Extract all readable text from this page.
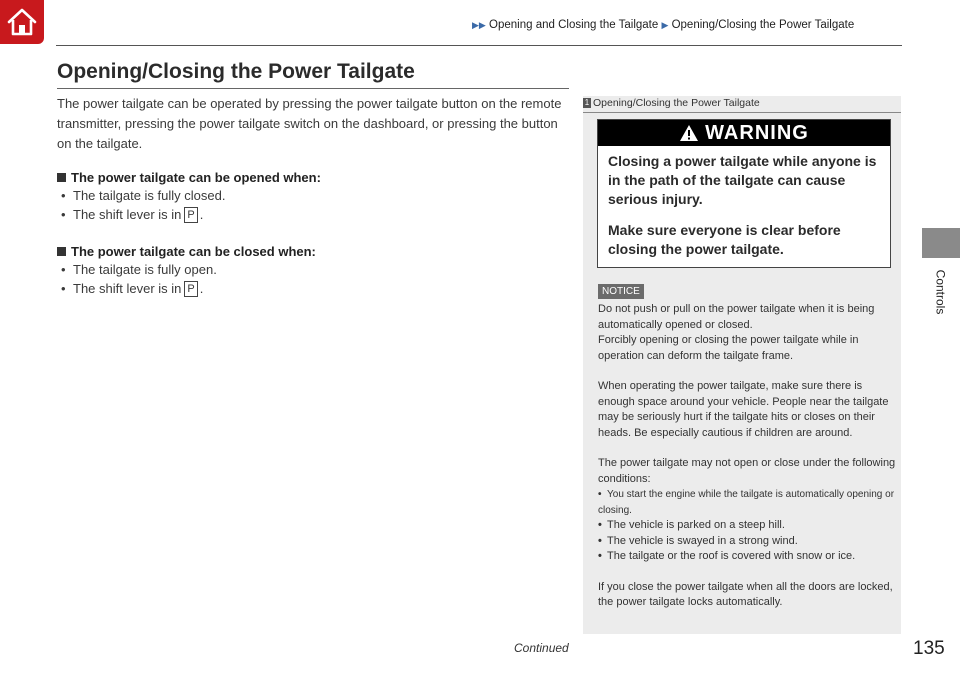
▶▶ Opening and Closing the Tailgate ▶ Opening/Closing the Power Tailgate
Controls
Opening/Closing the Power Tailgate

The power tailgate can be operated by pressing the power tailgate button on the remote transmitter, pressing the power tailgate switch on the dashboard, or pressing the button on the tailgate.

The power tailgate can be opened when:
• The tailgate is fully closed.
• The shift lever is in P .
The power tailgate can be closed when:
• The tailgate is fully open.
• The shift lever is in P .
1 Opening/Closing the Power Tailgate
WARNING

Closing a power tailgate while anyone is in the path of the tailgate can cause serious injury.

Make sure everyone is clear before closing the power tailgate.

NOTICE

Do not push or pull on the power tailgate when it is being automatically opened or closed.

Forcibly opening or closing the power tailgate while in operation can deform the tailgate frame.

When operating the power tailgate, make sure there is enough space around your vehicle. People near the tailgate may be seriously hurt if the tailgate hits or closes on their heads. Be especially cautious if children are around.

The power tailgate may not open or close under the following conditions:

• You start the engine while the tailgate is automatically opening or closing.

• The vehicle is parked on a steep hill.

• The vehicle is swayed in a strong wind.

• The tailgate or the roof is covered with snow or ice.

If you close the power tailgate when all the doors are locked, the power tailgate locks automatically.

Continued	135
